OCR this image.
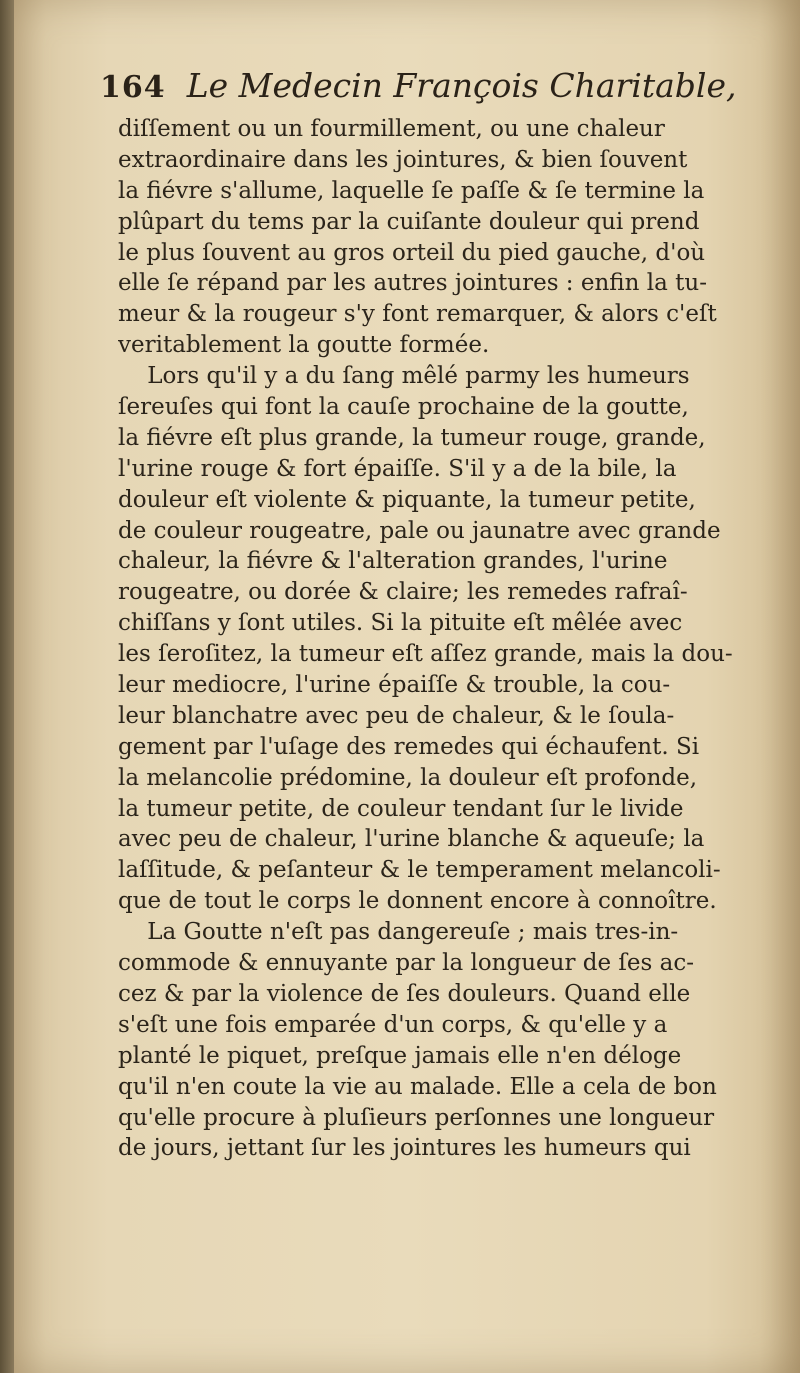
164 Le Medecin François Charitable,
diſſement ou un fourmillement, ou une chaleur
extraordinaire dans les jointures, & bien ſouvent
la fiévre s'allume, laquelle ſe paſſe & ſe termine la
plûpart du tems par la cuiſante douleur qui prend
le plus ſouvent au gros orteil du pied gauche, d'où
elle ſe répand par les autres jointures : enfin la tu-
meur & la rougeur s'y font remarquer, & alors c'eſt
veritablement la goutte formée.
Lors qu'il y a du ſang mêlé parmy les humeurs
ſereuſes qui font la cauſe prochaine de la goutte,
la fiévre eſt plus grande, la tumeur rouge, grande,
l'urine rouge & fort épaiſſe. S'il y a de la bile, la
douleur eſt violente & piquante, la tumeur petite,
de couleur rougeatre, pale ou jaunatre avec grande
chaleur, la fiévre & l'alteration grandes, l'urine
rougeatre, ou dorée & claire; les remedes rafraî-
chiſſans y ſont utiles. Si la pituite eſt mêlée avec
les ſeroſitez, la tumeur eſt aſſez grande, mais la dou-
leur mediocre, l'urine épaiſſe & trouble, la cou-
leur blanchatre avec peu de chaleur, & le ſoula-
gement par l'uſage des remedes qui échaufent. Si
la melancolie prédomine, la douleur eſt profonde,
la tumeur petite, de couleur tendant ſur le livide
avec peu de chaleur, l'urine blanche & aqueuſe; la
laſſitude, & peſanteur & le temperament melancoli-
que de tout le corps le donnent encore à connoître.
La Goutte n'eſt pas dangereuſe ; mais tres-in-
commode & ennuyante par la longueur de ſes ac-
cez & par la violence de ſes douleurs. Quand elle
s'eſt une fois emparée d'un corps, & qu'elle y a
planté le piquet, preſque jamais elle n'en déloge
qu'il n'en coute la vie au malade. Elle a cela de bon
qu'elle procure à pluſieurs perſonnes une longueur
de jours, jettant ſur les jointures les humeurs qui
